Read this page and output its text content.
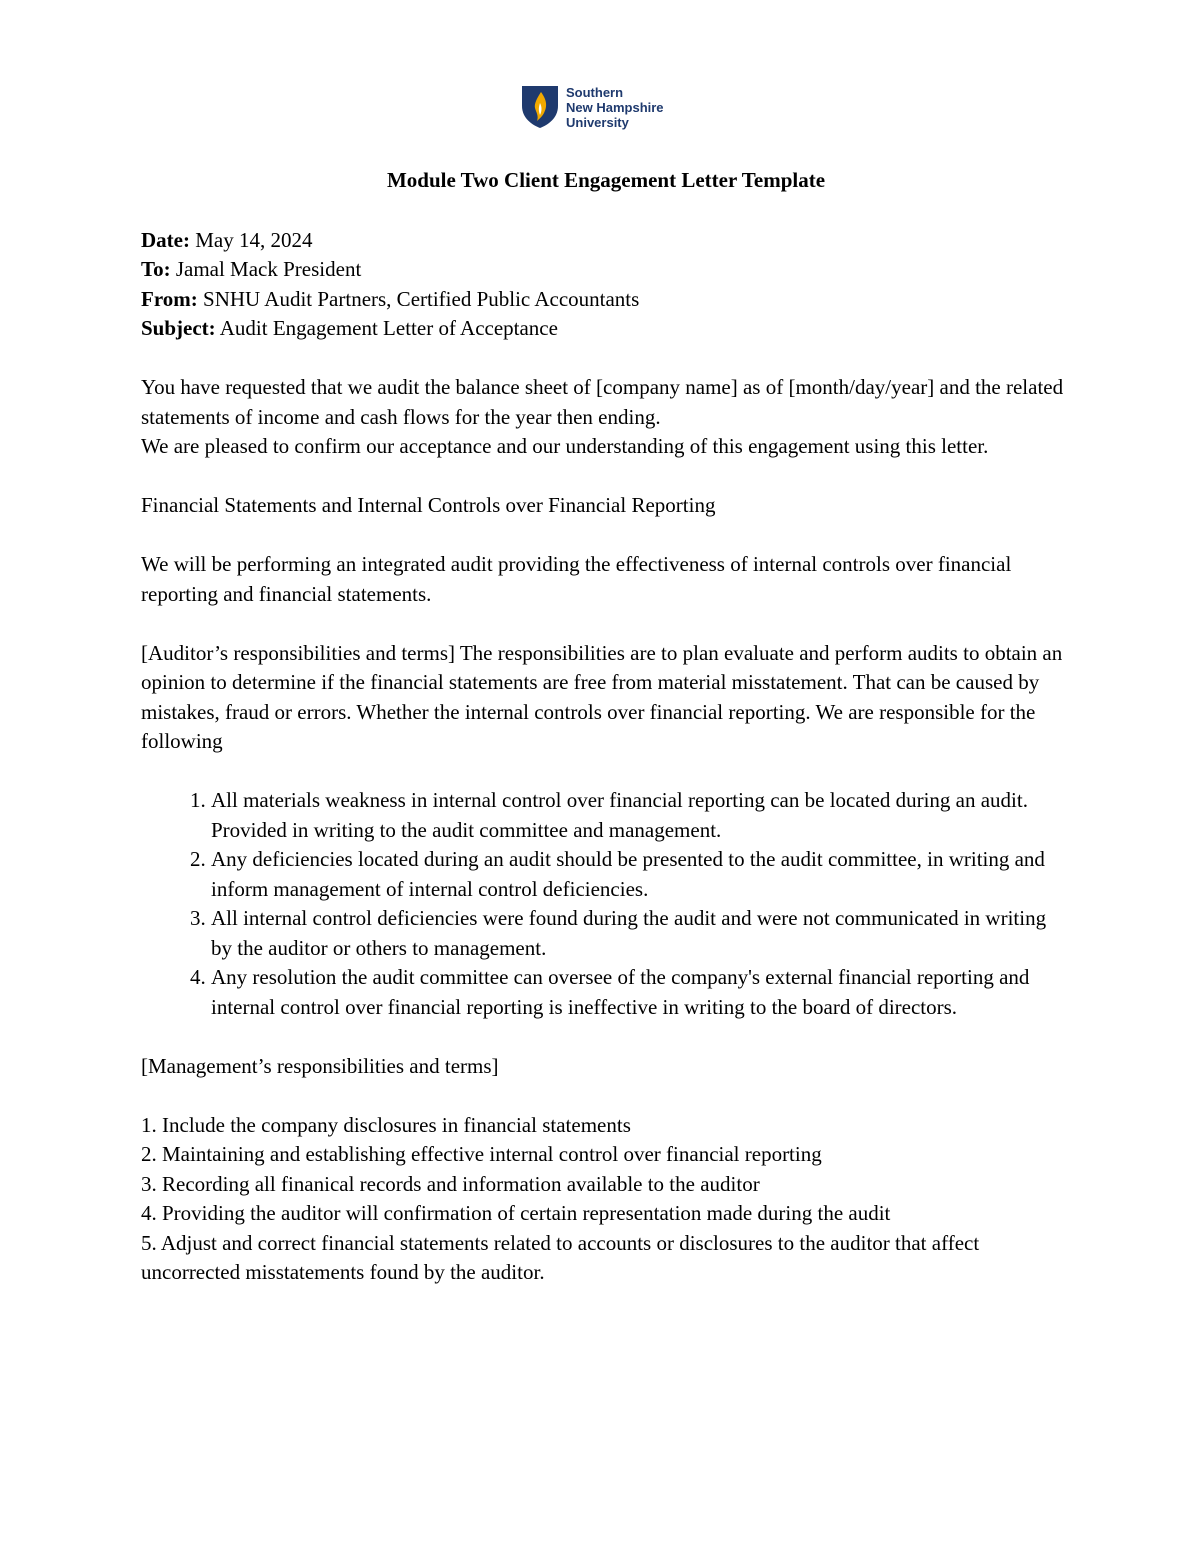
Southern
New Hampshire
University
Module Two Client Engagement Letter Template

Date: May 14, 2024

To: Jamal Mack President

From: SNHU Audit Partners, Certified Public Accountants

Subject: Audit Engagement Letter of Acceptance

You have requested that we audit the balance sheet of [company name] as of [month/day/year] and the related statements of income and cash flows for the year then ending.

We are pleased to confirm our acceptance and our understanding of this engagement using this letter.

Financial Statements and Internal Controls over Financial Reporting

We will be performing an integrated audit providing the effectiveness of internal controls over financial reporting and financial statements.

[Auditor’s responsibilities and terms] The responsibilities are to plan evaluate and perform audits to obtain an opinion to determine if the financial statements are free from material misstatement. That can be caused by mistakes, fraud or errors. Whether the internal controls over financial reporting. We are responsible for the following

1. All materials weakness in internal control over financial reporting can be located during an audit. Provided in writing to the audit committee and management.
2. Any deficiencies located during an audit should be presented to the audit committee, in writing and inform management of internal control deficiencies.
3. All internal control deficiencies were found during the audit and were not communicated in writing by the auditor or others to management.
4. Any resolution the audit committee can oversee of the company's external financial reporting and internal control over financial reporting is ineffective in writing to the board of directors.

[Management’s responsibilities and terms]

1. Include the company disclosures in financial statements

2. Maintaining and establishing effective internal control over financial reporting

3. Recording all finanical records and information available to the auditor

4. Providing the auditor will confirmation of certain representation made during the audit

5. Adjust and correct financial statements related to accounts or disclosures to the auditor that affect uncorrected misstatements found by the auditor.
